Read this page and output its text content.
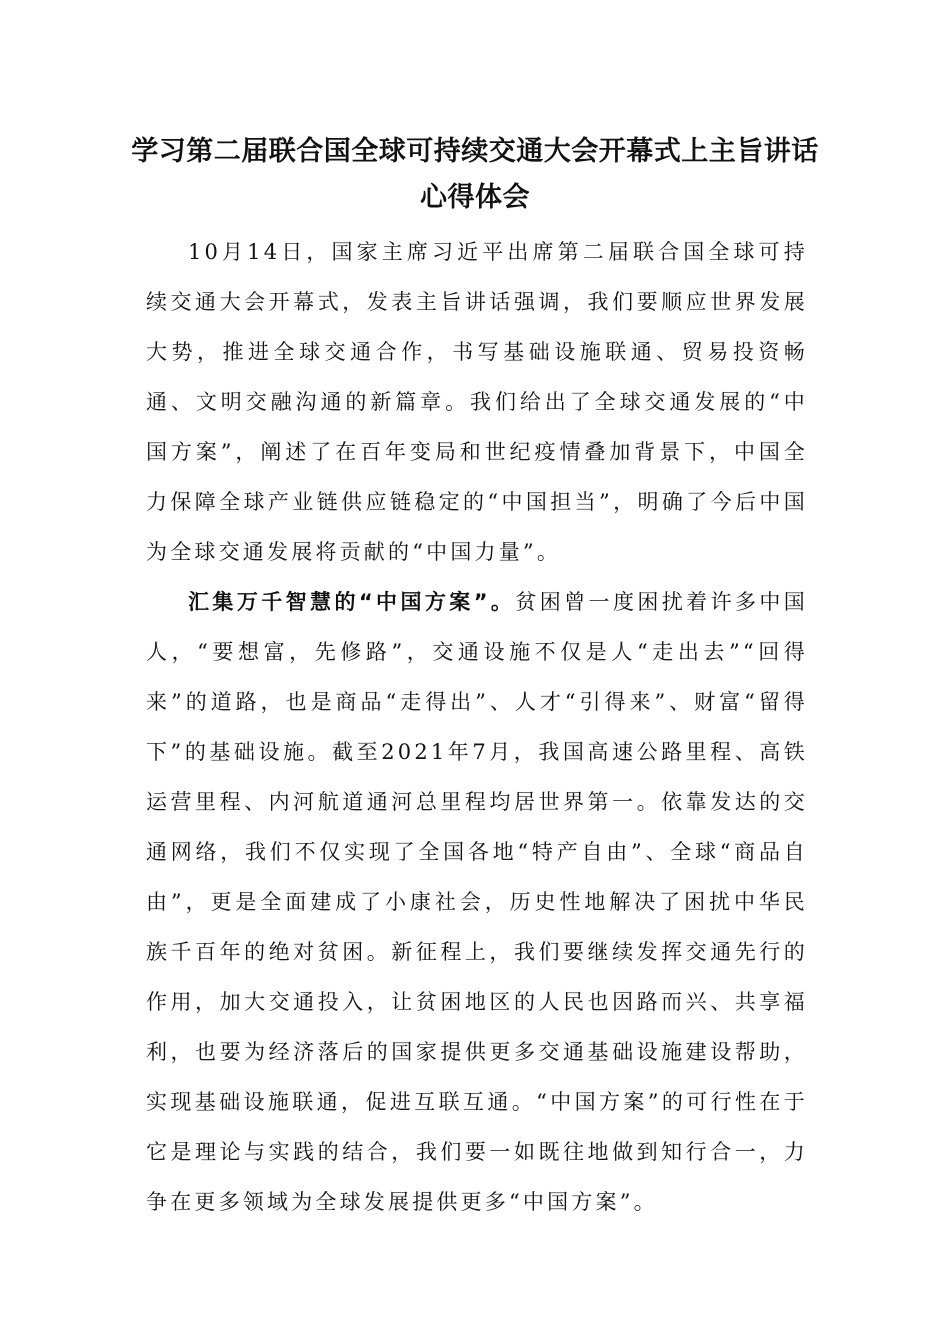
学习第二届联合国全球可持续交通大会开幕式上主旨讲话
心得体会

10月14日，国家主席习近平出席第二届联合国全球可持续交通大会开幕式，发表主旨讲话强调，我们要顺应世界发展大势，推进全球交通合作，书写基础设施联通、贸易投资畅通、文明交融沟通的新篇章。我们给出了全球交通发展的“中国方案”，阐述了在百年变局和世纪疫情叠加背景下，中国全力保障全球产业链供应链稳定的“中国担当”，明确了今后中国为全球交通发展将贡献的“中国力量”。

汇集万千智慧的“中国方案”。贫困曾一度困扰着许多中国人，“要想富，先修路”，交通设施不仅是人“走出去”“回得来”的道路，也是商品“走得出”、人才“引得来”、财富“留得下”的基础设施。截至2021年7月，我国高速公路里程、高铁运营里程、内河航道通河总里程均居世界第一。依靠发达的交通网络，我们不仅实现了全国各地“特产自由”、全球“商品自由”，更是全面建成了小康社会，历史性地解决了困扰中华民族千百年的绝对贫困。新征程上，我们要继续发挥交通先行的作用，加大交通投入，让贫困地区的人民也因路而兴、共享福利，也要为经济落后的国家提供更多交通基础设施建设帮助，实现基础设施联通，促进互联互通。“中国方案”的可行性在于它是理论与实践的结合，我们要一如既往地做到知行合一，力争在更多领域为全球发展提供更多“中国方案”。
